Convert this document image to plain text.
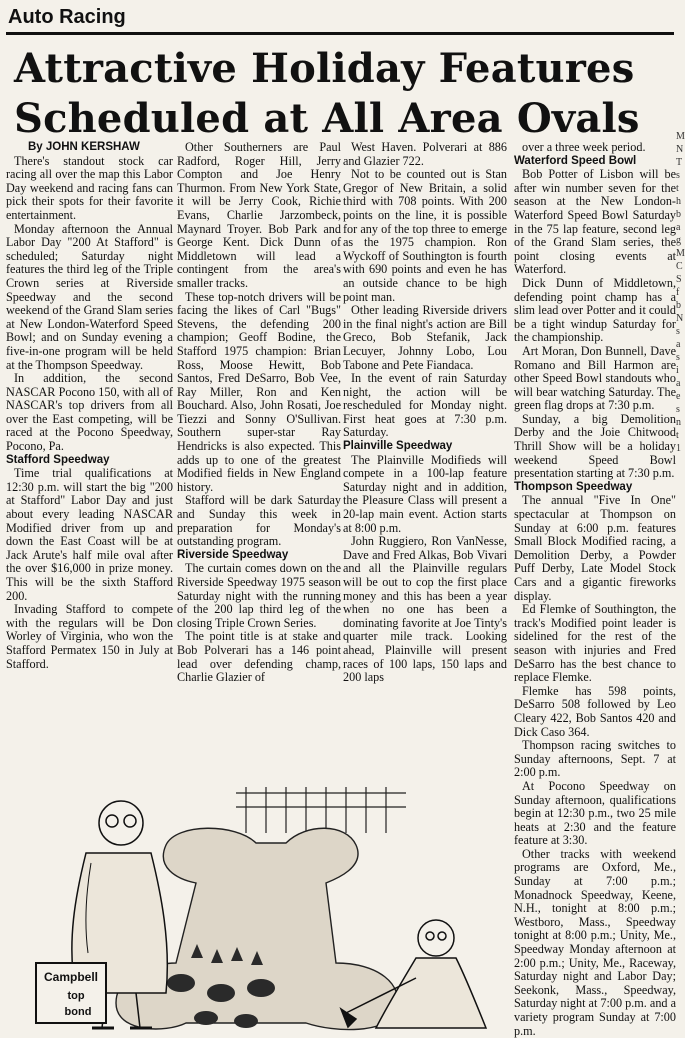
Auto Racing
Attractive Holiday Features
Scheduled at All Area Ovals

By JOHN KERSHAW

There's standout stock car racing all over the map this Labor Day weekend and racing fans can pick their spots for their favorite entertainment.

Monday afternoon the Annual Labor Day "200 At Stafford" is scheduled; Saturday night features the third leg of the Triple Crown series at Riverside Speedway and the second weekend of the Grand Slam series at New London-Waterford Speed Bowl; and on Sunday evening a five-in-one program will be held at the Thompson Speedway.

In addition, the second NASCAR Pocono 150, with all of NASCAR's top drivers from all over the East competing, will be raced at the Pocono Speedway, Pocono, Pa.

Stafford Speedway

Time trial qualifications at 12:30 p.m. will start the big "200 at Stafford" Labor Day and just about every leading NASCAR Modified driver from up and down the East Coast will be at Jack Arute's half mile oval after the over $16,000 in prize money. This will be the sixth Stafford 200.

Invading Stafford to compete with the regulars will be Don Worley of Virginia, who won the Stafford Permatex 150 in July at Stafford.

Other Southerners are Paul Radford, Roger Hill, Jerry Compton and Joe Henry Thurmon. From New York State, it will be Jerry Cook, Richie Evans, Charlie Jarzombeck, Maynard Troyer. Bob Park and George Kent. Dick Dunn of Middletown will lead a contingent from the area's smaller tracks.

These top-notch drivers will be facing the likes of Carl "Bugs" Stevens, the defending 200 champion; Geoff Bodine, the Stafford 1975 champion: Brian Ross, Moose Hewitt, Bob Santos, Fred DeSarro, Bob Vee, Ray Miller, Ron and Ken Bouchard. Also, John Rosati, Joe Tiezzi and Sonny O'Sullivan. Southern super-star Ray Hendricks is also expected. This adds up to one of the greatest Modified fields in New England history.

Stafford will be dark Saturday and Sunday this week in preparation for Monday's outstanding program.

Riverside Speedway

The curtain comes down on the Riverside Speedway 1975 season Saturday night with the running of the 200 lap third leg of the closing Triple Crown Series.

The point title is at stake and Bob Polverari has a 146 point lead over defending champ, Charlie Glazier of

West Haven. Polverari at 886 and Glazier 722.

Not to be counted out is Stan Gregor of New Britain, a solid third with 708 points. With 200 points on the line, it is possible for any of the top three to emerge as the 1975 champion. Ron Wyckoff of Southington is fourth with 690 points and even he has an outside chance to be high point man.

Other leading Riverside drivers in the final night's action are Bill Greco, Bob Stefanik, Jack Lecuyer, Johnny Lobo, Lou Tabone and Pete Fiandaca.

In the event of rain Saturday night, the action will be rescheduled for Monday night. First heat goes at 7:30 p.m. Saturday.

Plainville Speedway

The Plainville Modifieds will compete in a 100-lap feature Saturday night and in addition, the Pleasure Class will present a 20-lap main event. Action starts at 8:00 p.m.

John Ruggiero, Ron VanNesse, Dave and Fred Alkas, Bob Vivari and all the Plainville regulars will be out to cop the first place money and this has been a year when no one has been a dominating favorite at Joe Tinty's quarter mile track. Looking ahead, Plainville will present races of 100 laps, 150 laps and 200 laps

over a three week period.

Waterford Speed Bowl

Bob Potter of Lisbon will be after win number seven for the season at the New London-Waterford Speed Bowl Saturday in the 75 lap feature, second leg of the Grand Slam series, the point closing events at Waterford.

Dick Dunn of Middletown, defending point champ has a slim lead over Potter and it could be a tight windup Saturday for the championship.

Art Moran, Don Bunnell, Dave Romano and Bill Harmon are other Speed Bowl standouts who will bear watching Saturday. The green flag drops at 7:30 p.m.

Sunday, a big Demolition Derby and the Joie Chitwood Thrill Show will be a holiday weekend Speed Bowl presentation starting at 7:30 p.m.

Thompson Speedway

The annual "Five In One" spectacular at Thompson on Sunday at 6:00 p.m. features Small Block Modified racing, a Demolition Derby, a Powder Puff Derby, Late Model Stock Cars and a gigantic fireworks display.

Ed Flemke of Southington, the track's Modified point leader is sidelined for the rest of the season with injuries and Fred DeSarro has the best chance to replace Flemke.

Flemke has 598 points, DeSarro 508 followed by Leo Cleary 422, Bob Santos 420 and Dick Caso 364.

Thompson racing switches to Sunday afternoons, Sept. 7 at 2:00 p.m.

At Pocono Speedway on Sunday afternoon, qualifications begin at 12:30 p.m., two 25 mile heats at 2:30 and the feature feature at 3:30.

Other tracks with weekend programs are Oxford, Me., Sunday at 7:00 p.m.; Monadnock Speedway, Keene, N.H., tonight at 8:00 p.m.; Westboro, Mass., Speedway tonight at 8:00 p.m.; Unity, Me., Speedway Monday afternoon at 2:00 p.m.; Unity, Me., Raceway, Saturday night and Labor Day; Seekonk, Mass., Speedway, Saturday night at 7:00 p.m. and a variety program Sunday at 7:00 p.m.

M N T s t h b a g M C S f b N s a s i a e s n t 1
Campbell
top
bond
